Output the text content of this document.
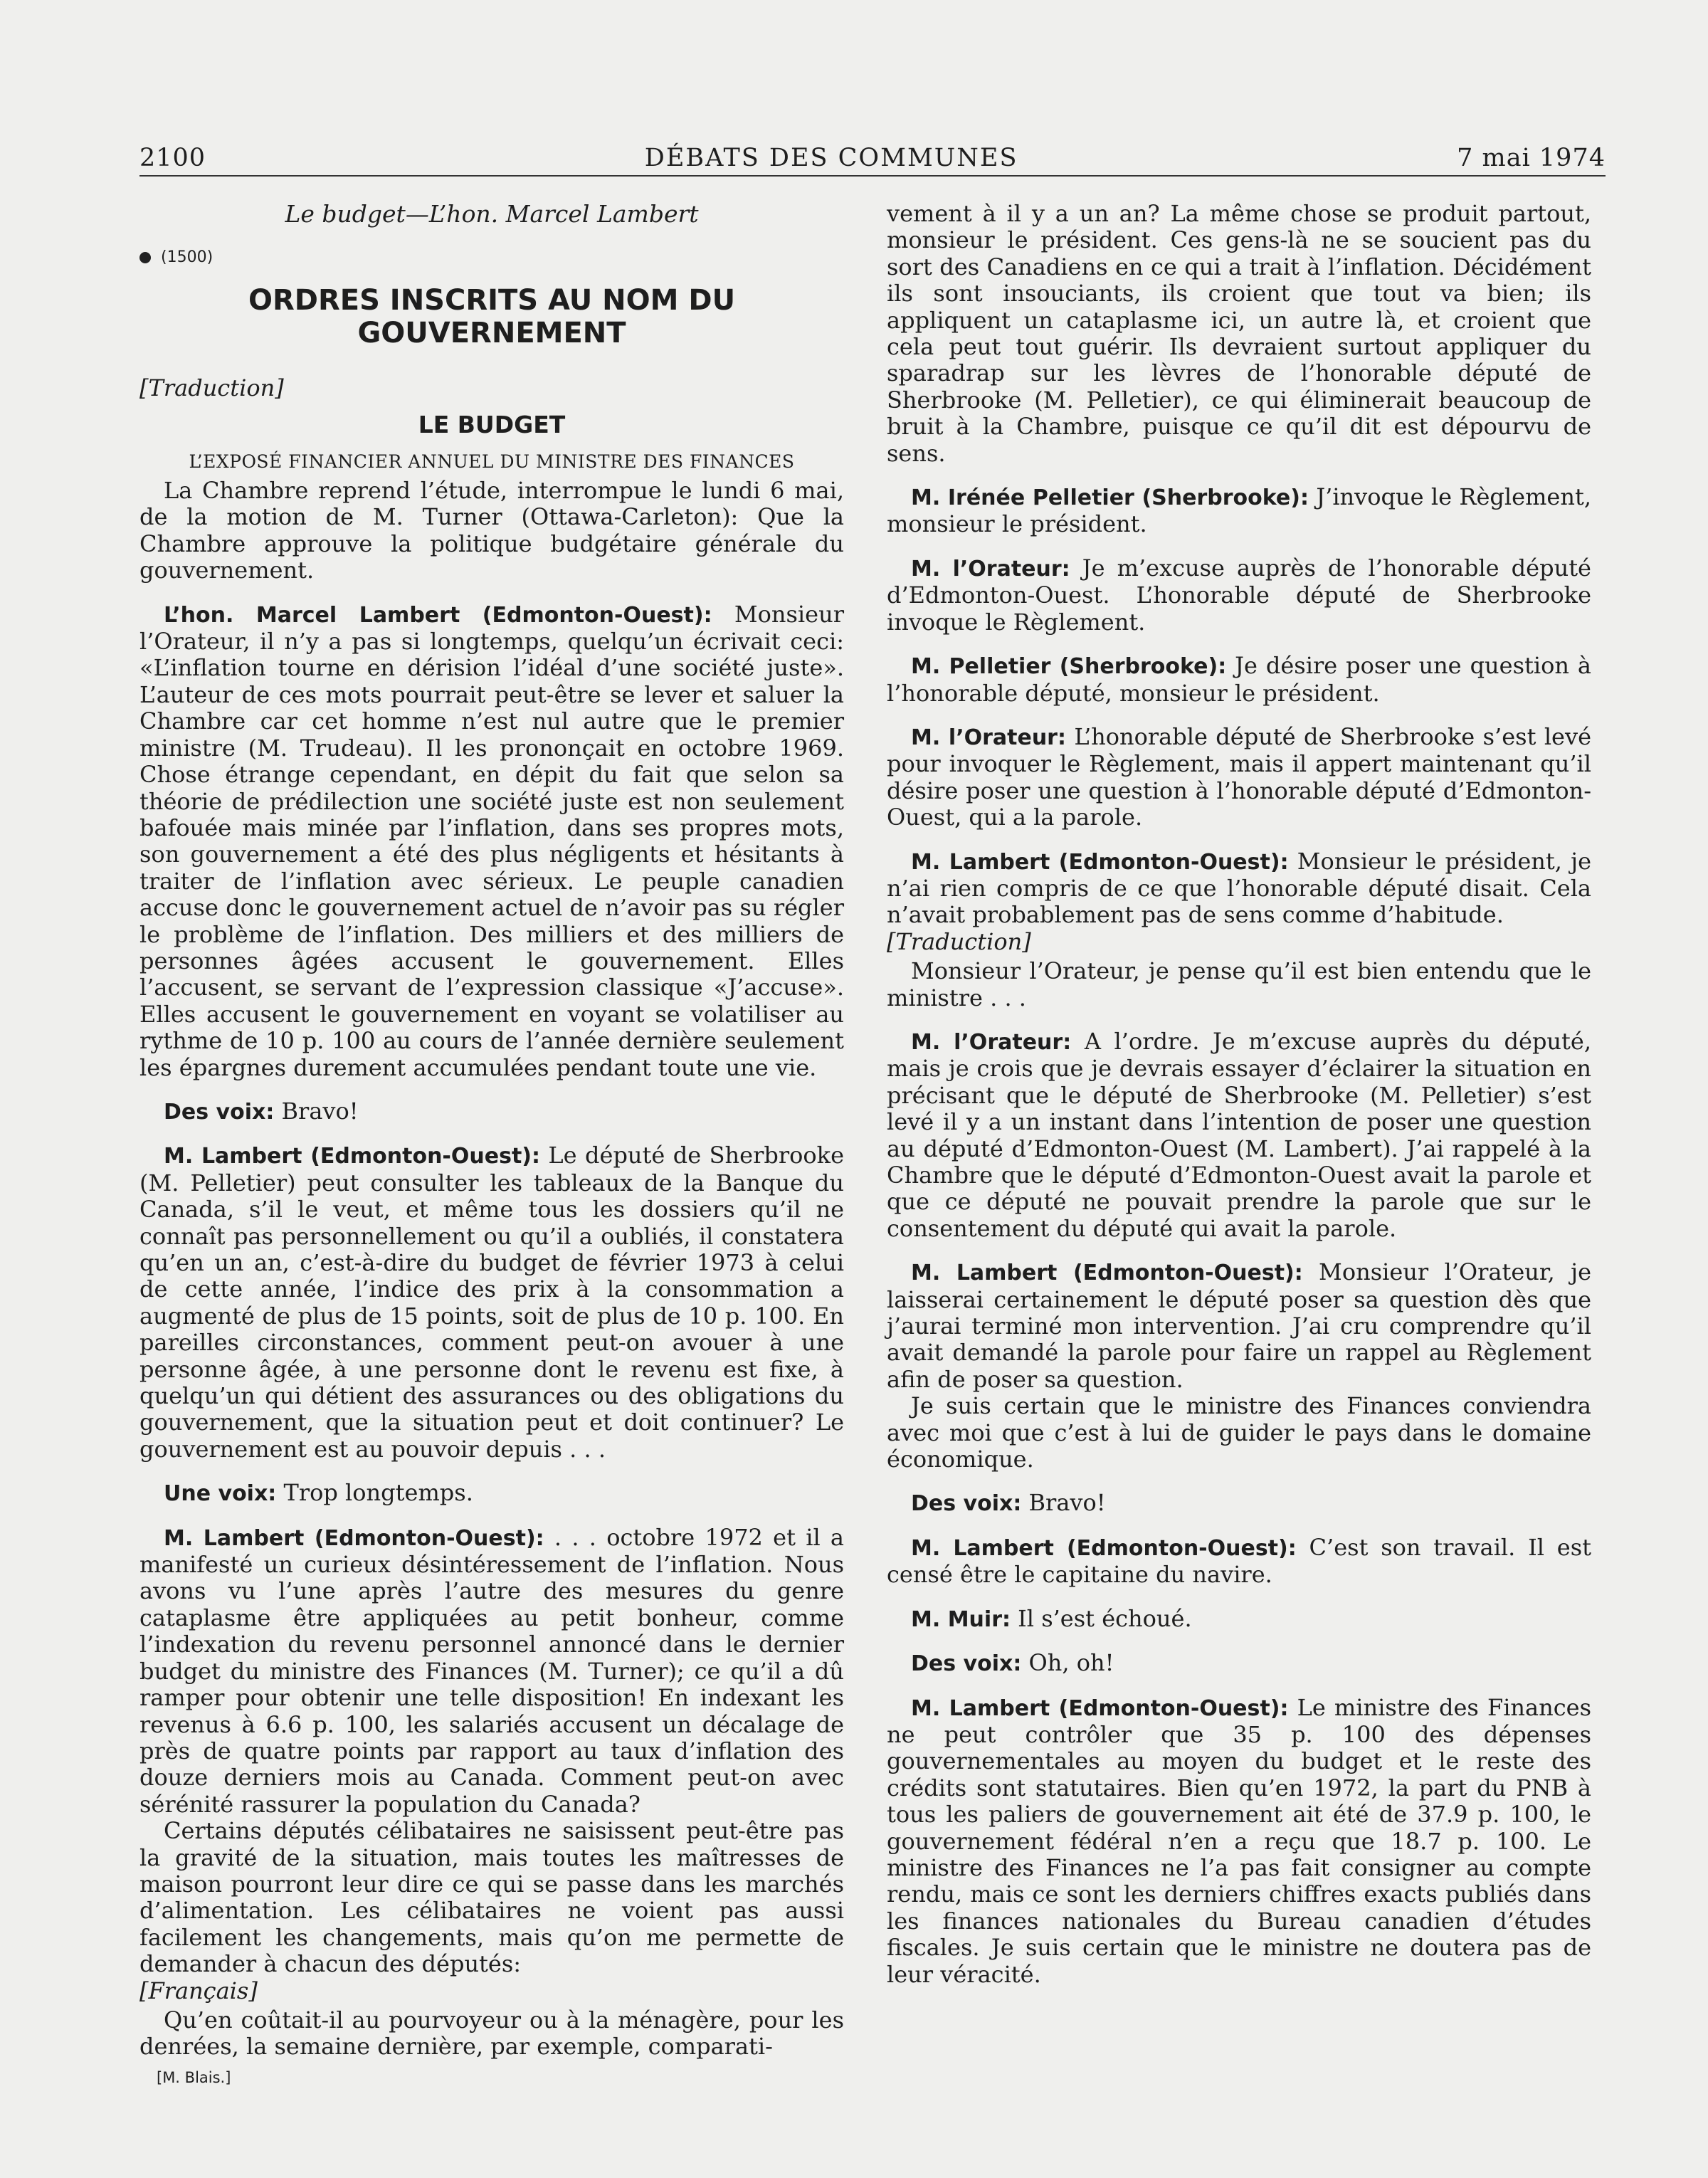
2100	DÉBATS DES COMMUNES	7 mai 1974
Le budget—L’hon. Marcel Lambert
(1500)
ORDRES INSCRITS AU NOM DU GOUVERNEMENT
[Traduction]
LE BUDGET
L’EXPOSÉ FINANCIER ANNUEL DU MINISTRE DES FINANCES

La Chambre reprend l’étude, interrompue le lundi 6 mai, de la motion de M. Turner (Ottawa-Carleton): Que la Chambre approuve la politique budgétaire générale du gouvernement.

L’hon. Marcel Lambert (Edmonton-Ouest): Monsieur l’Orateur, il n’y a pas si longtemps, quelqu’un écrivait ceci: «L’inflation tourne en dérision l’idéal d’une société juste». L’auteur de ces mots pourrait peut-être se lever et saluer la Chambre car cet homme n’est nul autre que le premier ministre (M. Trudeau). Il les prononçait en octobre 1969. Chose étrange cependant, en dépit du fait que selon sa théorie de prédilection une société juste est non seulement bafouée mais minée par l’inflation, dans ses propres mots, son gouvernement a été des plus négligents et hésitants à traiter de l’inflation avec sérieux. Le peuple canadien accuse donc le gouvernement actuel de n’avoir pas su régler le problème de l’inflation. Des milliers et des milliers de personnes âgées accusent le gouvernement. Elles l’accusent, se servant de l’expression classique «J’accuse». Elles accusent le gouvernement en voyant se volatiliser au rythme de 10 p. 100 au cours de l’année dernière seulement les épargnes durement accumulées pendant toute une vie.

Des voix: Bravo!

M. Lambert (Edmonton-Ouest): Le député de Sherbrooke (M. Pelletier) peut consulter les tableaux de la Banque du Canada, s’il le veut, et même tous les dossiers qu’il ne connaît pas personnellement ou qu’il a oubliés, il constatera qu’en un an, c’est-à-dire du budget de février 1973 à celui de cette année, l’indice des prix à la consommation a augmenté de plus de 15 points, soit de plus de 10 p. 100. En pareilles circonstances, comment peut-on avouer à une personne âgée, à une personne dont le revenu est fixe, à quelqu’un qui détient des assurances ou des obligations du gouvernement, que la situation peut et doit continuer? Le gouvernement est au pouvoir depuis . . .

Une voix: Trop longtemps.

M. Lambert (Edmonton-Ouest): . . . octobre 1972 et il a manifesté un curieux désintéressement de l’inflation. Nous avons vu l’une après l’autre des mesures du genre cataplasme être appliquées au petit bonheur, comme l’indexation du revenu personnel annoncé dans le dernier budget du ministre des Finances (M. Turner); ce qu’il a dû ramper pour obtenir une telle disposition! En indexant les revenus à 6.6 p. 100, les salariés accusent un décalage de près de quatre points par rapport au taux d’inflation des douze derniers mois au Canada. Comment peut-on avec sérénité rassurer la population du Canada?

Certains députés célibataires ne saisissent peut-être pas la gravité de la situation, mais toutes les maîtresses de maison pourront leur dire ce qui se passe dans les marchés d’alimentation. Les célibataires ne voient pas aussi facilement les changements, mais qu’on me permette de demander à chacun des députés:

[Français]

Qu’en coûtait-il au pourvoyeur ou à la ménagère, pour les denrées, la semaine dernière, par exemple, comparati-

[M. Blais.]

vement à il y a un an? La même chose se produit partout, monsieur le président. Ces gens-là ne se soucient pas du sort des Canadiens en ce qui a trait à l’inflation. Décidément ils sont insouciants, ils croient que tout va bien; ils appliquent un cataplasme ici, un autre là, et croient que cela peut tout guérir. Ils devraient surtout appliquer du sparadrap sur les lèvres de l’honorable député de Sherbrooke (M. Pelletier), ce qui éliminerait beaucoup de bruit à la Chambre, puisque ce qu’il dit est dépourvu de sens.

M. Irénée Pelletier (Sherbrooke): J’invoque le Règlement, monsieur le président.

M. l’Orateur: Je m’excuse auprès de l’honorable député d’Edmonton-Ouest. L’honorable député de Sherbrooke invoque le Règlement.

M. Pelletier (Sherbrooke): Je désire poser une question à l’honorable député, monsieur le président.

M. l’Orateur: L’honorable député de Sherbrooke s’est levé pour invoquer le Règlement, mais il appert maintenant qu’il désire poser une question à l’honorable député d’Edmonton-Ouest, qui a la parole.

M. Lambert (Edmonton-Ouest): Monsieur le président, je n’ai rien compris de ce que l’honorable député disait. Cela n’avait probablement pas de sens comme d’habitude.

[Traduction]

Monsieur l’Orateur, je pense qu’il est bien entendu que le ministre . . .

M. l’Orateur: A l’ordre. Je m’excuse auprès du député, mais je crois que je devrais essayer d’éclairer la situation en précisant que le député de Sherbrooke (M. Pelletier) s’est levé il y a un instant dans l’intention de poser une question au député d’Edmonton-Ouest (M. Lambert). J’ai rappelé à la Chambre que le député d’Edmonton-Ouest avait la parole et que ce député ne pouvait prendre la parole que sur le consentement du député qui avait la parole.

M. Lambert (Edmonton-Ouest): Monsieur l’Orateur, je laisserai certainement le député poser sa question dès que j’aurai terminé mon intervention. J’ai cru comprendre qu’il avait demandé la parole pour faire un rappel au Règlement afin de poser sa question.

Je suis certain que le ministre des Finances conviendra avec moi que c’est à lui de guider le pays dans le domaine économique.

Des voix: Bravo!

M. Lambert (Edmonton-Ouest): C’est son travail. Il est censé être le capitaine du navire.

M. Muir: Il s’est échoué.

Des voix: Oh, oh!

M. Lambert (Edmonton-Ouest): Le ministre des Finances ne peut contrôler que 35 p. 100 des dépenses gouvernementales au moyen du budget et le reste des crédits sont statutaires. Bien qu’en 1972, la part du PNB à tous les paliers de gouvernement ait été de 37.9 p. 100, le gouvernement fédéral n’en a reçu que 18.7 p. 100. Le ministre des Finances ne l’a pas fait consigner au compte rendu, mais ce sont les derniers chiffres exacts publiés dans les finances nationales du Bureau canadien d’études fiscales. Je suis certain que le ministre ne doutera pas de leur véracité.
